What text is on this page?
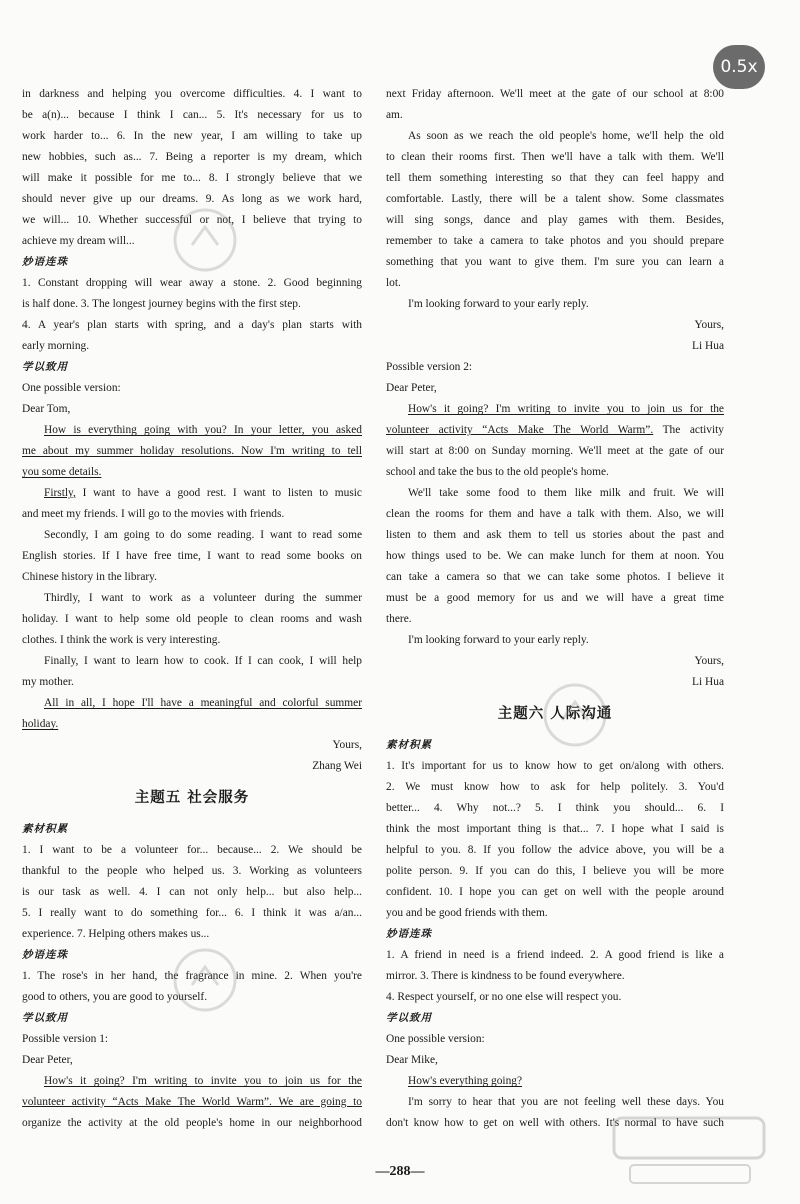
in darkness and helping you overcome difficulties. 4. I want to
be a(n)... because I think I can... 5. It's necessary for us to
work harder to... 6. In the new year, I am willing to take up
new hobbies, such as... 7. Being a reporter is my dream, which
will make it possible for me to... 8. I strongly believe that we
should never give up our dreams. 9. As long as we work hard,
we will... 10. Whether successful or not, I believe that trying to
achieve my dream will...
妙语连珠
1. Constant dropping will wear away a stone. 2. Good beginning
is half done. 3. The longest journey begins with the first step.
4. A year's plan starts with spring, and a day's plan starts with
early morning.
学以致用
One possible version:
Dear Tom,
How is everything going with you? In your letter, you asked
me about my summer holiday resolutions. Now I'm writing to tell
you some details.
Firstly, I want to have a good rest. I want to listen to music
and meet my friends. I will go to the movies with friends.
Secondly, I am going to do some reading. I want to read some
English stories. If I have free time, I want to read some books on
Chinese history in the library.
Thirdly, I want to work as a volunteer during the summer
holiday. I want to help some old people to clean rooms and wash
clothes. I think the work is very interesting.
Finally, I want to learn how to cook. If I can cook, I will help
my mother.
All in all, I hope I'll have a meaningful and colorful summer
holiday.
Yours,
Zhang Wei
主题五 社会服务
素材积累
1. I want to be a volunteer for... because... 2. We should be
thankful to the people who helped us. 3. Working as volunteers
is our task as well. 4. I can not only help... but also help...
5. I really want to do something for... 6. I think it was a/an...
experience. 7. Helping others makes us...
妙语连珠
1. The rose's in her hand, the fragrance in mine. 2. When you're
good to others, you are good to yourself.
学以致用
Possible version 1:
Dear Peter,
How's it going? I'm writing to invite you to join us for the
volunteer activity “Acts Make The World Warm”. We are going to
organize the activity at the old people's home in our neighborhood
next Friday afternoon. We'll meet at the gate of our school at 8:00
am.
As soon as we reach the old people's home, we'll help the old
to clean their rooms first. Then we'll have a talk with them. We'll
tell them something interesting so that they can feel happy and
comfortable. Lastly, there will be a talent show. Some classmates
will sing songs, dance and play games with them. Besides,
remember to take a camera to take photos and you should prepare
something that you want to give them. I'm sure you can learn a
lot.
I'm looking forward to your early reply.
Yours,
Li Hua
Possible version 2:
Dear Peter,
How's it going? I'm writing to invite you to join us for the
volunteer activity “Acts Make The World Warm”. The activity
will start at 8:00 on Sunday morning. We'll meet at the gate of our
school and take the bus to the old people's home.
We'll take some food to them like milk and fruit. We will
clean the rooms for them and have a talk with them. Also, we will
listen to them and ask them to tell us stories about the past and
how things used to be. We can make lunch for them at noon. You
can take a camera so that we can take some photos. I believe it
must be a good memory for us and we will have a great time
there.
I'm looking forward to your early reply.
Yours,
Li Hua
主题六 人际沟通
素材积累
1. It's important for us to know how to get on/along with others.
2. We must know how to ask for help politely. 3. You'd
better... 4. Why not...? 5. I think you should... 6. I
think the most important thing is that... 7. I hope what I said is
helpful to you. 8. If you follow the advice above, you will be a
polite person. 9. If you can do this, I believe you will be more
confident. 10. I hope you can get on well with the people around
you and be good friends with them.
妙语连珠
1. A friend in need is a friend indeed. 2. A good friend is like a
mirror. 3. There is kindness to be found everywhere.
4. Respect yourself, or no one else will respect you.
学以致用
One possible version:
Dear Mike,
How's everything going?
I'm sorry to hear that you are not feeling well these days. You
don't know how to get on well with others. It's normal to have such
—288—
0.5x
